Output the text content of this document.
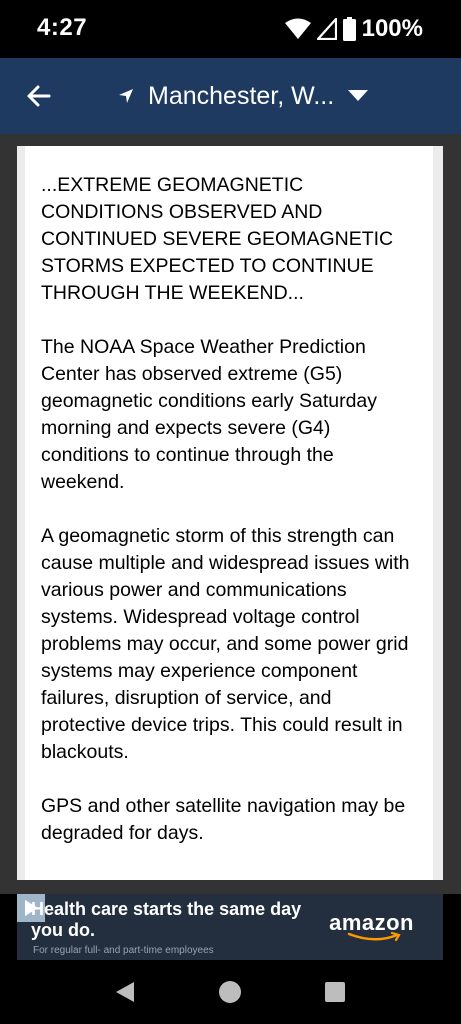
4:27	100%
Manchester, W...

...EXTREME GEOMAGNETIC CONDITIONS OBSERVED AND CONTINUED SEVERE GEOMAGNETIC STORMS EXPECTED TO CONTINUE THROUGH THE WEEKEND...

The NOAA Space Weather Prediction Center has observed extreme (G5) geomagnetic conditions early Saturday morning and expects severe (G4) conditions to continue through the weekend.

A geomagnetic storm of this strength can cause multiple and widespread issues with various power and communications systems. Widespread voltage control problems may occur, and some power grid systems may experience component failures, disruption of service, and protective device trips. This could result in blackouts.

GPS and other satellite navigation may be degraded for days.

Health care starts the same day you do.
For regular full- and part-time employees
amazon
